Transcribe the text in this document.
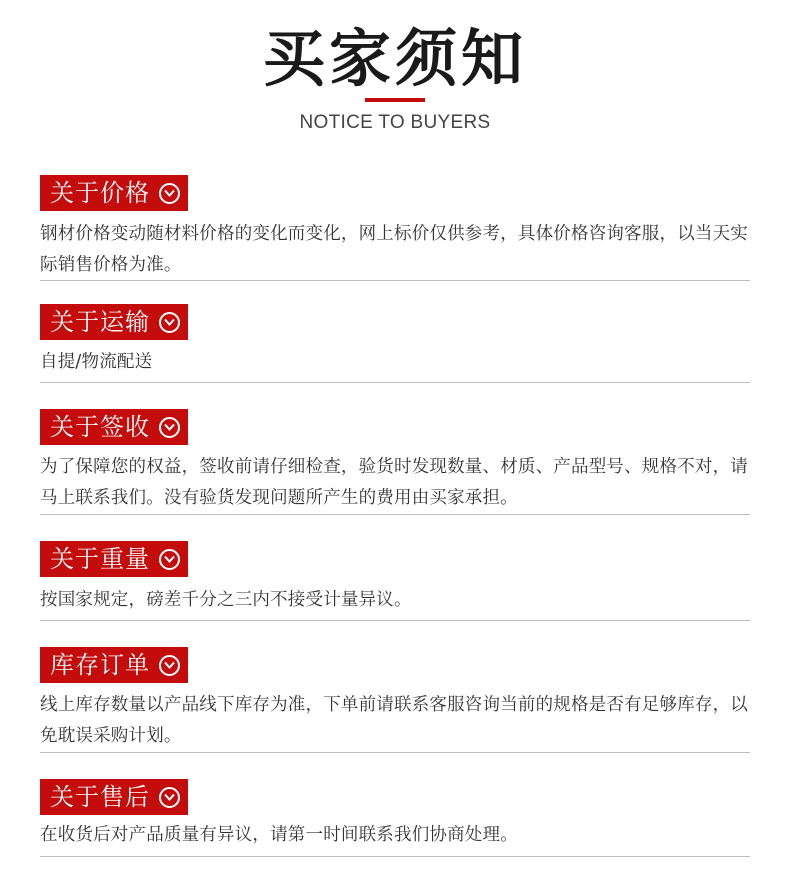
买家须知
NOTICE TO BUYERS
关于价格
钢材价格变动随材料价格的变化而变化，网上标价仅供参考，具体价格咨询客服，以当天实际销售价格为准。
关于运输
自提/物流配送
关于签收
为了保障您的权益，签收前请仔细检查，验货时发现数量、材质、产品型号、规格不对，请马上联系我们。没有验货发现问题所产生的费用由买家承担。
关于重量
按国家规定，磅差千分之三内不接受计量异议。
库存订单
线上库存数量以产品线下库存为准，下单前请联系客服咨询当前的规格是否有足够库存，以免耽误采购计划。
关于售后
在收货后对产品质量有异议，请第一时间联系我们协商处理。
